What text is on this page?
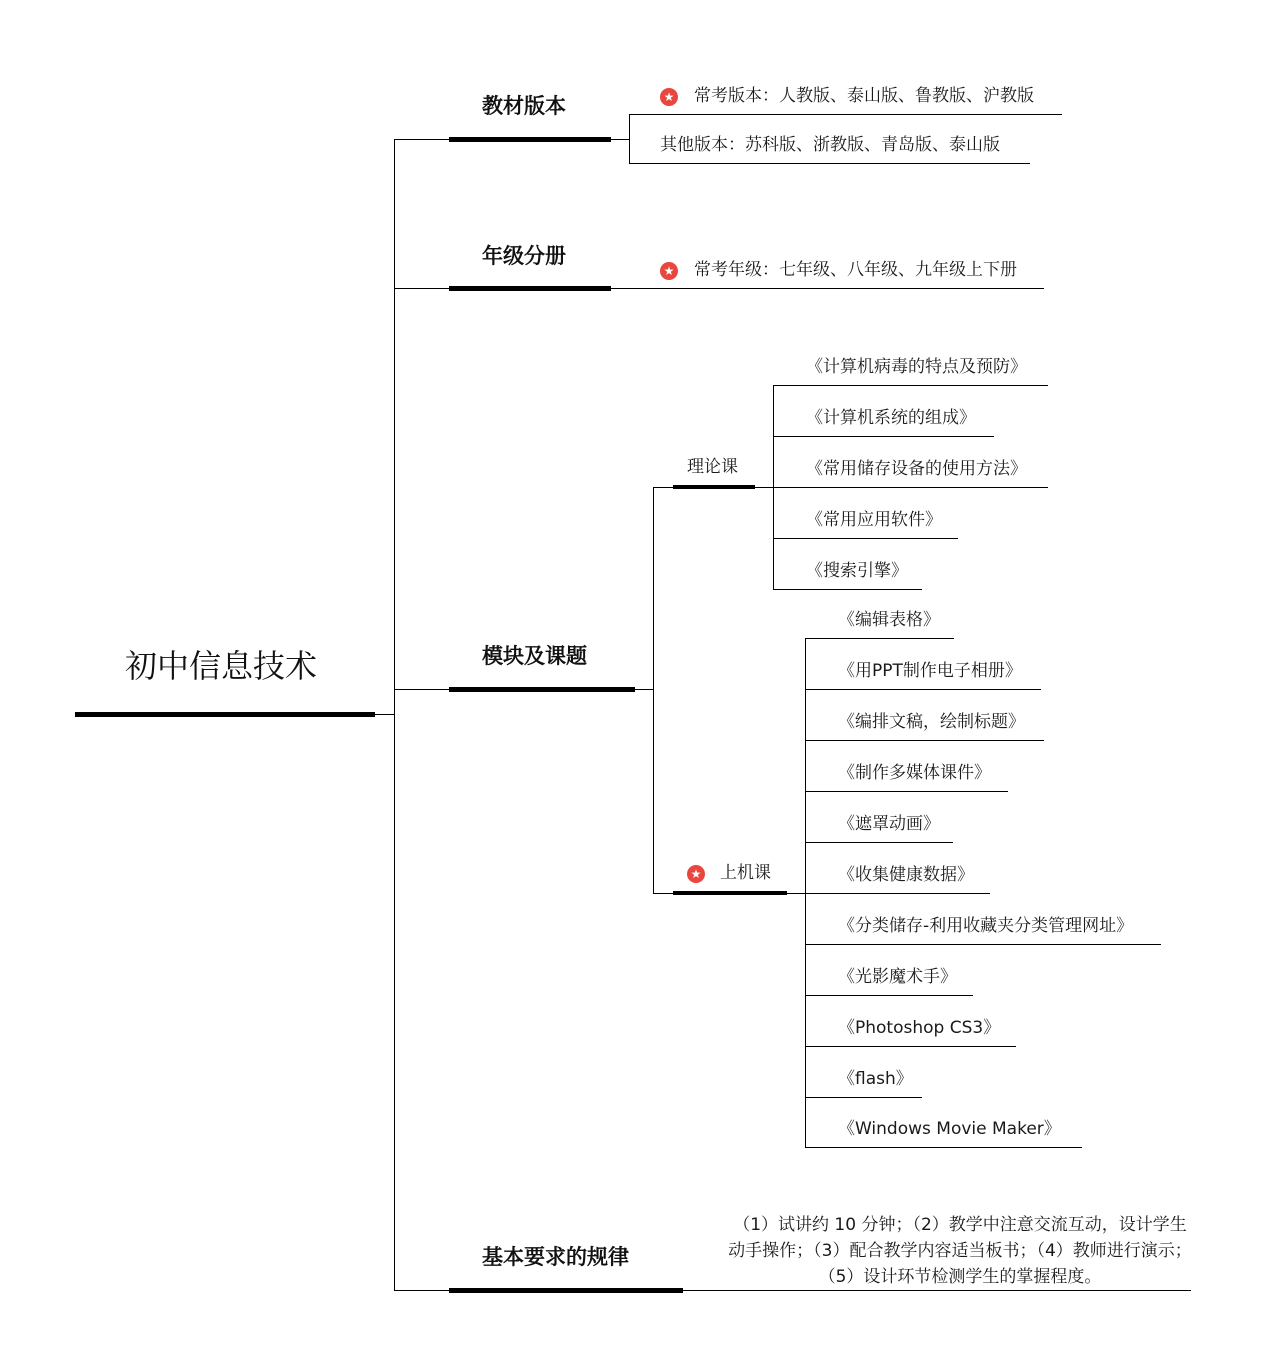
初中信息技术
教材版本	★ 常考版本：人教版、泰山版、鲁教版、沪教版
其他版本：苏科版、浙教版、青岛版、泰山版
年级分册
★ 常考年级：七年级、八年级、九年级上下册
模块及课题
理论课
《计算机病毒的特点及预防》
《计算机系统的组成》
《常用储存设备的使用方法》
《常用应用软件》
《搜索引擎》
★ 上机课
《编辑表格》
《用PPT制作电子相册》
《编排文稿，绘制标题》
《制作多媒体课件》
《遮罩动画》
《收集健康数据》
《分类储存-利用收藏夹分类管理网址》
《光影魔术手》
《Photoshop CS3》
《flash》
《Windows Movie Maker》
基本要求的规律
（1）试讲约 10 分钟；（2）教学中注意交流互动，设计学生动手操作；（3）配合教学内容适当板书；（4）教师进行演示；（5）设计环节检测学生的掌握程度。
